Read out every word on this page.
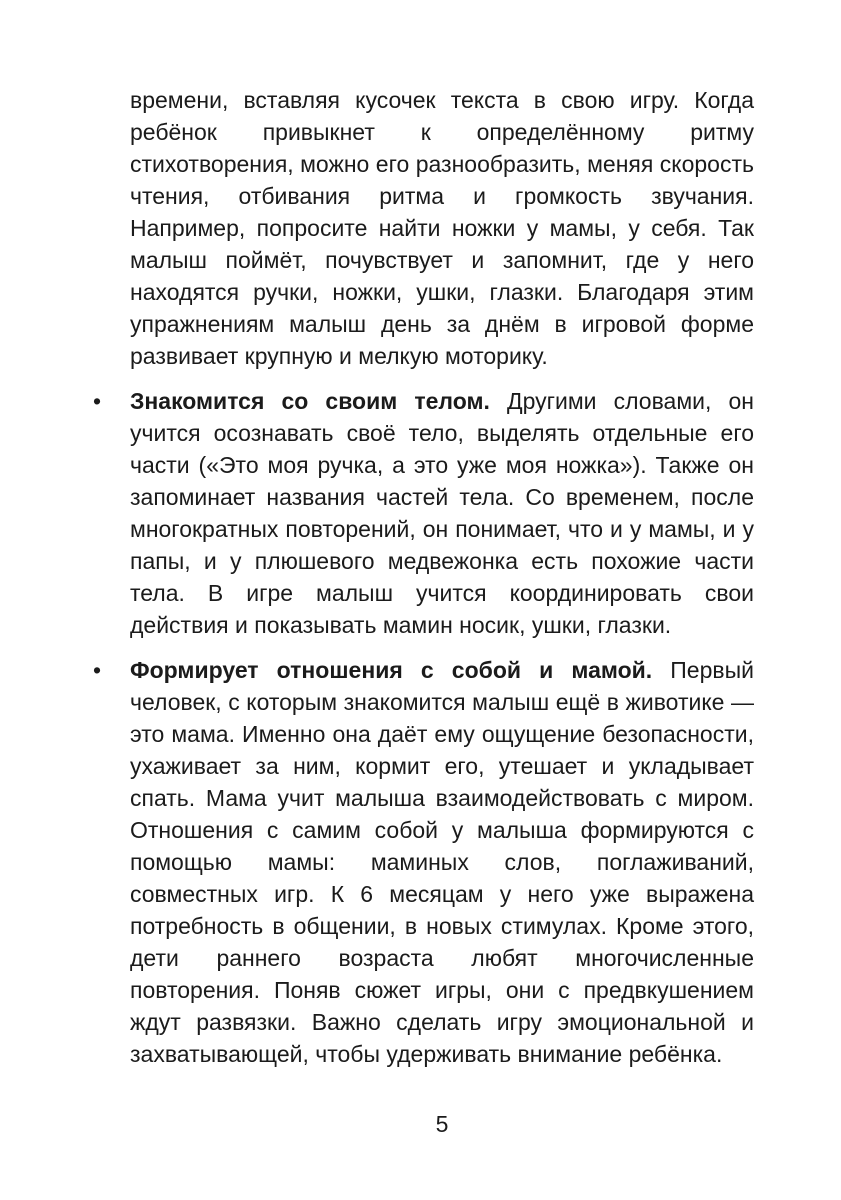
времени, вставляя кусочек текста в свою игру. Когда ребёнок привыкнет к определённому ритму стихотворения, можно его разнообразить, меняя скорость чтения, отбивания ритма и громкость звучания. Например, попросите найти ножки у мамы, у себя. Так малыш поймёт, почувствует и запомнит, где у него находятся ручки, ножки, ушки, глазки. Благодаря этим упражнениям малыш день за днём в игровой форме развивает крупную и мелкую моторику.

• Знакомится со своим телом. Другими словами, он учится осознавать своё тело, выделять отдельные его части («Это моя ручка, а это уже моя ножка»). Также он запоминает названия частей тела. Со временем, после многократных повторений, он понимает, что и у мамы, и у папы, и у плюшевого медвежонка есть похожие части тела. В игре малыш учится координировать свои действия и показывать мамин носик, ушки, глазки.

• Формирует отношения с собой и мамой. Первый человек, с которым знакомится малыш ещё в животике — это мама. Именно она даёт ему ощущение безопасности, ухаживает за ним, кормит его, утешает и укладывает спать. Мама учит малыша взаимодействовать с миром. Отношения с самим собой у малыша формируются с помощью мамы: маминых слов, поглаживаний, совместных игр. К 6 месяцам у него уже выражена потребность в общении, в новых стимулах. Кроме этого, дети раннего возраста любят многочисленные повторения. Поняв сюжет игры, они с предвкушением ждут развязки. Важно сделать игру эмоциональной и захватывающей, чтобы удерживать внимание ребёнка.

5
